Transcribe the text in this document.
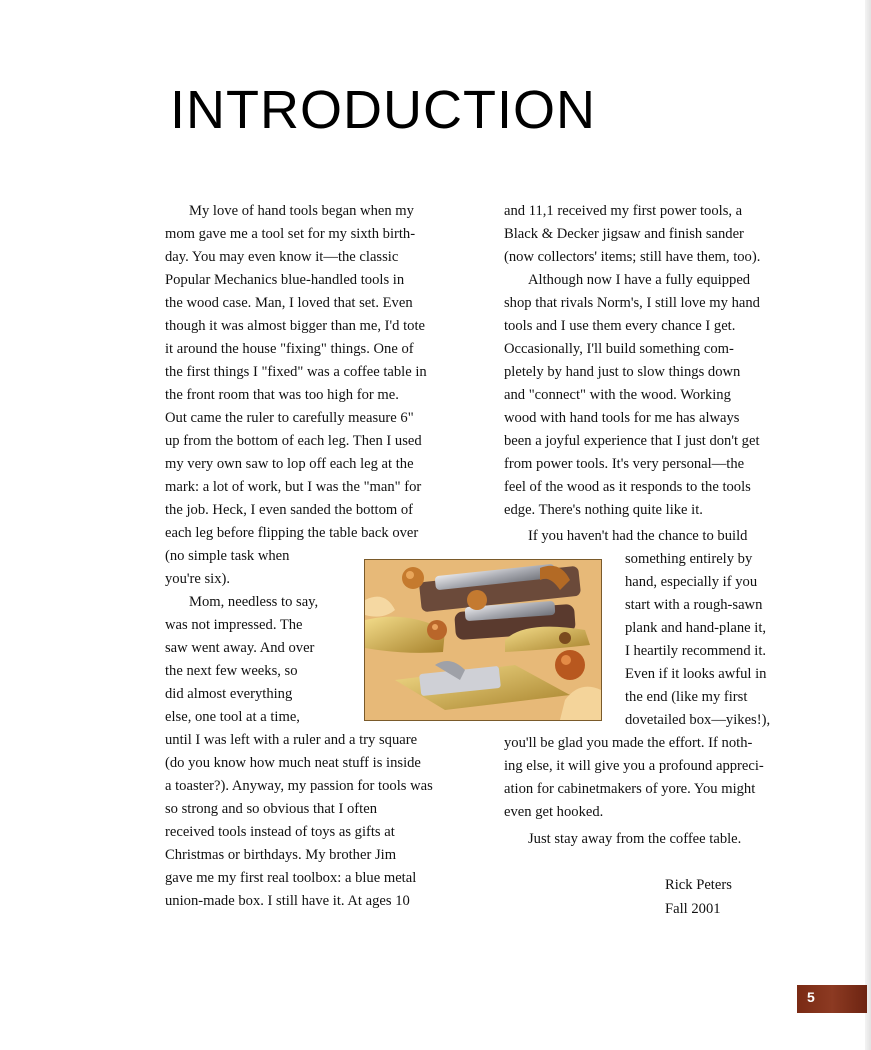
INTRODUCTION
My love of hand tools began when my
mom gave me a tool set for my sixth birth-
day. You may even know it—the classic
Popular Mechanics blue-handled tools in
the wood case. Man, I loved that set. Even
though it was almost bigger than me, I'd tote
it around the house "fixing" things. One of
the first things I "fixed" was a coffee table in
the front room that was too high for me.
Out came the ruler to carefully measure 6"
up from the bottom of each leg. Then I used
my very own saw to lop off each leg at the
mark: a lot of work, but I was the "man" for
the job. Heck, I even sanded the bottom of
each leg before flipping the table back over
(no simple task when
you're six).
Mom, needless to say,
was not impressed. The
saw went away. And over
the next few weeks, so
did almost everything
else, one tool at a time,
until I was left with a ruler and a try square
(do you know how much neat stuff is inside
a toaster?). Anyway, my passion for tools was
so strong and so obvious that I often
received tools instead of toys as gifts at
Christmas or birthdays. My brother Jim
gave me my first real toolbox: a blue metal
union-made box. I still have it. At ages 10
and 11,1 received my first power tools, a
Black & Decker jigsaw and finish sander
(now collectors' items; still have them, too).
Although now I have a fully equipped
shop that rivals Norm's, I still love my hand
tools and I use them every chance I get.
Occasionally, I'll build something com-
pletely by hand just to slow things down
and "connect" with the wood. Working
wood with hand tools for me has always
been a joyful experience that I just don't get
from power tools. It's very personal—the
feel of the wood as it responds to the tools
edge. There's nothing quite like it.
If you haven't had the chance to build
something entirely by
hand, especially if you
start with a rough-sawn
plank and hand-plane it,
I heartily recommend it.
Even if it looks awful in
the end (like my first
dovetailed box—yikes!),
you'll be glad you made the effort. If noth-
ing else, it will give you a profound appreci-
ation for cabinetmakers of yore. You might
even get hooked.
Just stay away from the coffee table.
Rick Peters
Fall 2001
5
